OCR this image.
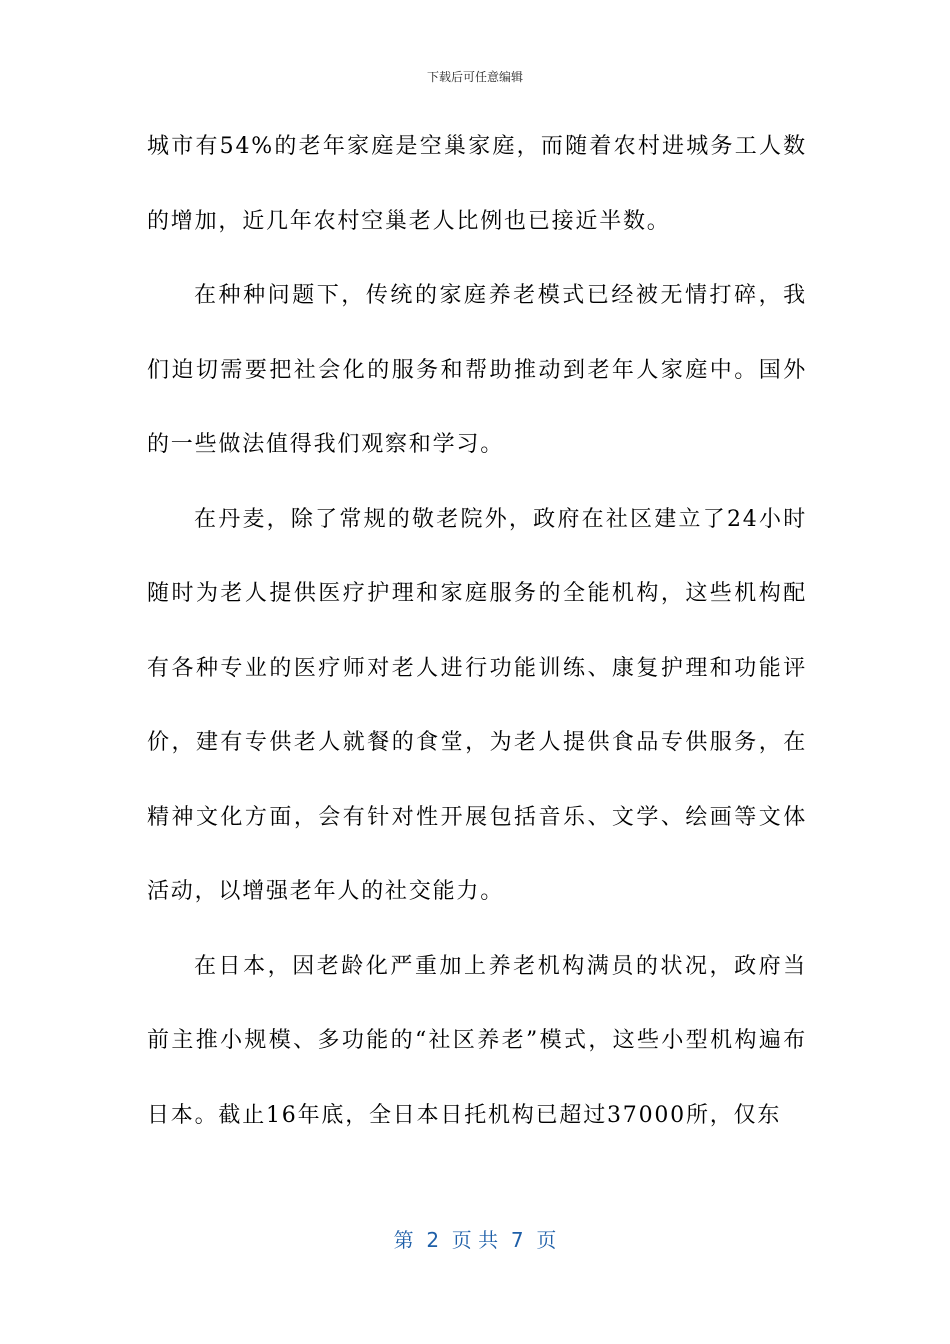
下载后可任意编辑

城市有54%的老年家庭是空巢家庭，而随着农村进城务工人数的增加，近几年农村空巢老人比例也已接近半数。

在种种问题下，传统的家庭养老模式已经被无情打碎，我们迫切需要把社会化的服务和帮助推动到老年人家庭中。国外的一些做法值得我们观察和学习。

在丹麦，除了常规的敬老院外，政府在社区建立了24小时随时为老人提供医疗护理和家庭服务的全能机构，这些机构配有各种专业的医疗师对老人进行功能训练、康复护理和功能评价，建有专供老人就餐的食堂，为老人提供食品专供服务，在精神文化方面，会有针对性开展包括音乐、文学、绘画等文体活动，以增强老年人的社交能力。

在日本，因老龄化严重加上养老机构满员的状况，政府当前主推小规模、多功能的“社区养老”模式，这些小型机构遍布日本。截止16年底，全日本日托机构已超过37000所，仅东

第  2  页 共  7  页
